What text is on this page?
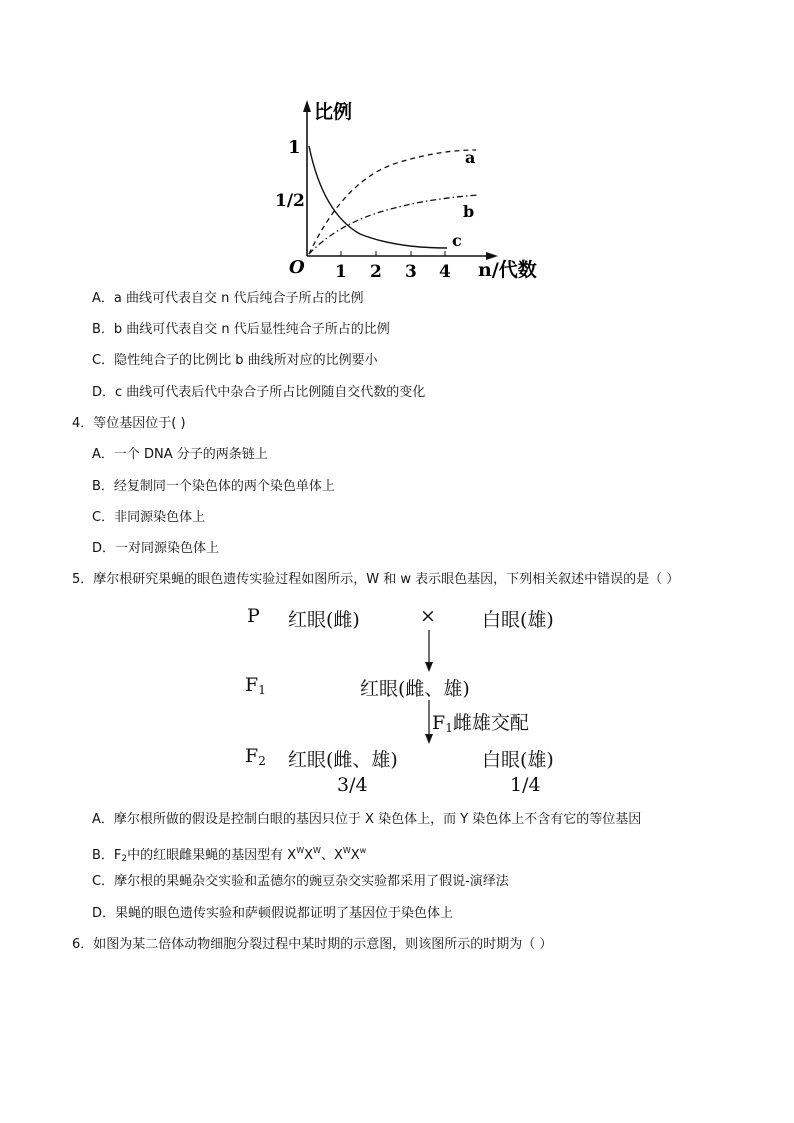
比例
1
1/2
O 1 2 3 4 n/代数
a
b
c
A．a 曲线可代表自交 n 代后纯合子所占的比例
B．b 曲线可代表自交 n 代后显性纯合子所占的比例
C．隐性纯合子的比例比 b 曲线所对应的比例要小
D．c 曲线可代表后代中杂合子所占比例随自交代数的变化
4．等位基因位于( )
A．一个 DNA 分子的两条链上
B．经复制同一个染色体的两个染色单体上
C．非同源染色体上
D．一对同源染色体上
5．摩尔根研究果蝇的眼色遗传实验过程如图所示，W 和 w 表示眼色基因，下列相关叙述中错误的是（ ）
P 红眼(雌)	× 白眼(雄)
$F_1$	红眼(雌、雄)
$F_1$雌雄交配
$F_2$ 红眼(雌、雄)	白眼(雄)
3/4	1/4
A．摩尔根所做的假设是控制白眼的基因只位于 X 染色体上，而 Y 染色体上不含有它的等位基因
B．$F_2$中的红眼雌果蝇的基因型有 $X^WX^W$、$X^WX^w$
C．摩尔根的果蝇杂交实验和孟德尔的豌豆杂交实验都采用了假说-演绎法
D．果蝇的眼色遗传实验和萨顿假说都证明了基因位于染色体上
6．如图为某二倍体动物细胞分裂过程中某时期的示意图，则该图所示的时期为（ ）
